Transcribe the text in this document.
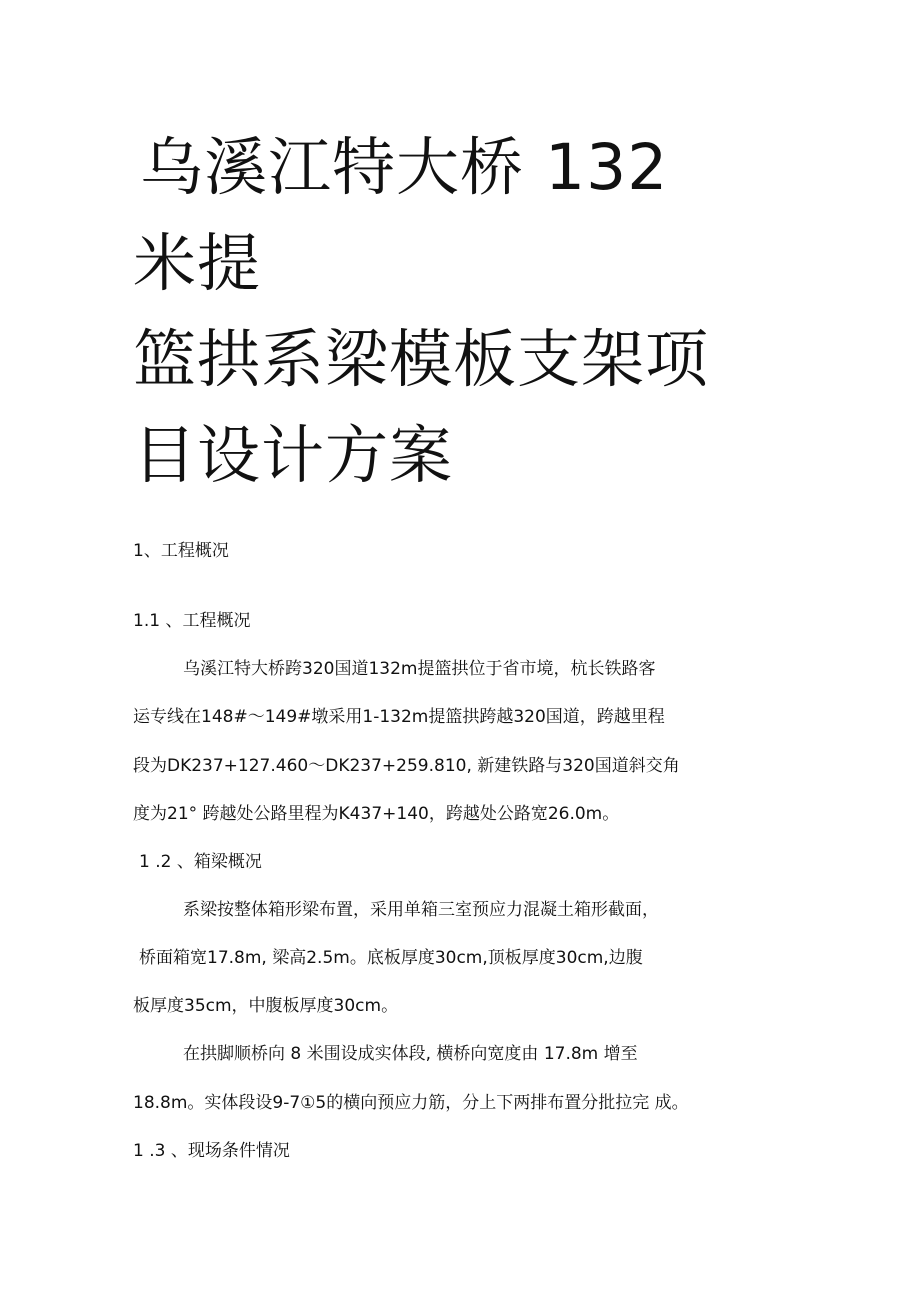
乌溪江特大桥 132
米提
篮拱系梁模板支架项
目设计方案
1、工程概况
1.1 、工程概况
乌溪江特大桥跨320国道132m提篮拱位于省市境，杭长铁路客
运专线在148#～149#墩采用1-132m提篮拱跨越320国道，跨越里程
段为DK237+127.460～DK237+259.810, 新建铁路与320国道斜交角
度为21° 跨越处公路里程为K437+140，跨越处公路宽26.0m。
1 .2 、箱梁概况
系梁按整体箱形梁布置，采用单箱三室预应力混凝土箱形截面，
桥面箱宽17.8m, 梁高2.5m。底板厚度30cm,顶板厚度30cm,边腹
板厚度35cm，中腹板厚度30cm。
在拱脚顺桥向 8 米围设成实体段, 横桥向宽度由 17.8m 增至
18.8m。实体段设9-7①5的横向预应力筋，分上下两排布置分批拉完 成。
1 .3 、现场条件情况
